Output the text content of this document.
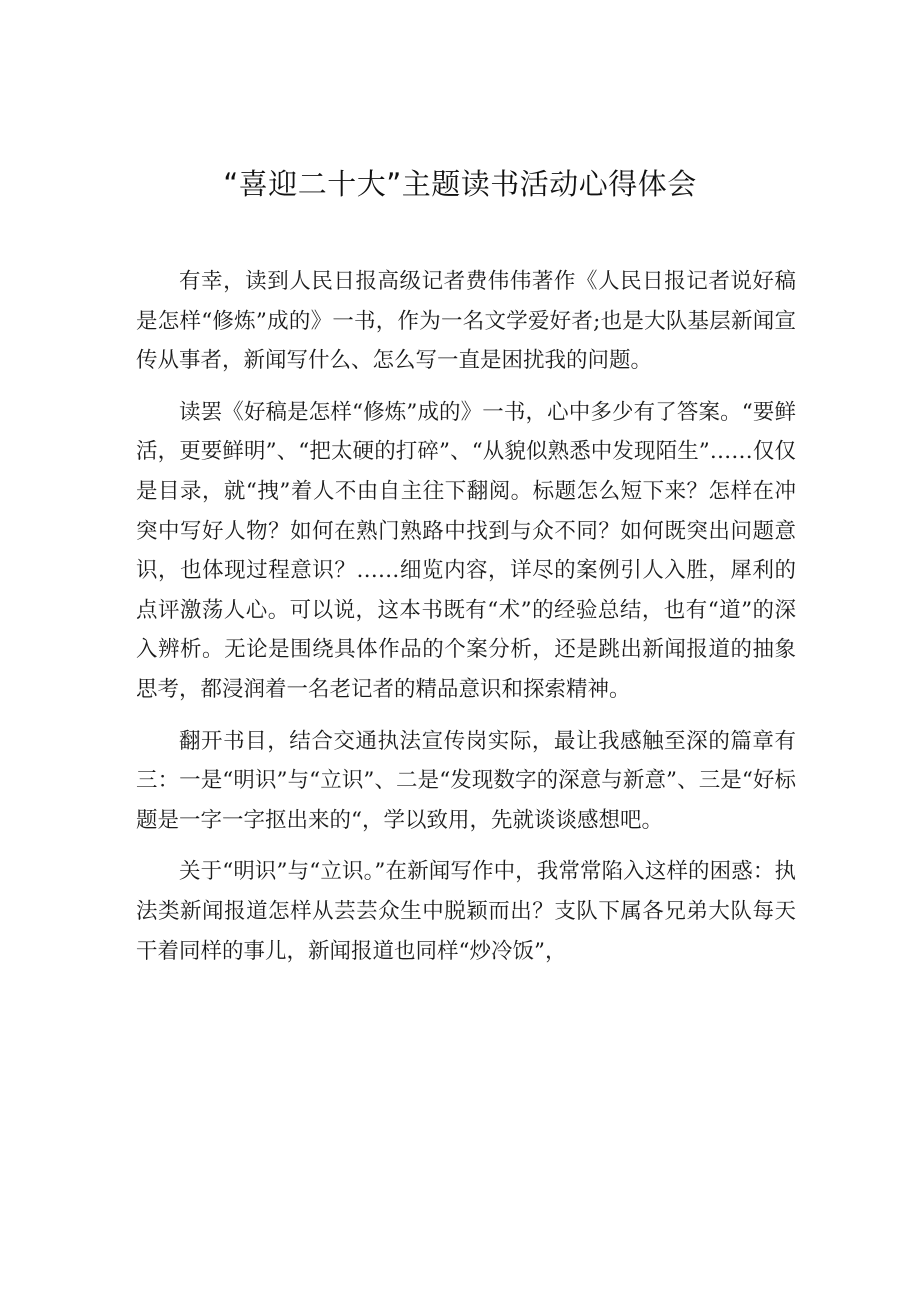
“喜迎二十大”主题读书活动心得体会

有幸，读到人民日报高级记者费伟伟著作《人民日报记者说好稿是怎样“修炼”成的》一书，作为一名文学爱好者;也是大队基层新闻宣传从事者，新闻写什么、怎么写一直是困扰我的问题。

读罢《好稿是怎样“修炼”成的》一书，心中多少有了答案。“要鲜活，更要鲜明”、“把太硬的打碎”、“从貌似熟悉中发现陌生”……仅仅是目录，就“拽”着人不由自主往下翻阅。标题怎么短下来？怎样在冲突中写好人物？如何在熟门熟路中找到与众不同？如何既突出问题意识，也体现过程意识？……细览内容，详尽的案例引人入胜，犀利的点评激荡人心。可以说，这本书既有“术”的经验总结，也有“道”的深入辨析。无论是围绕具体作品的个案分析，还是跳出新闻报道的抽象思考，都浸润着一名老记者的精品意识和探索精神。

翻开书目，结合交通执法宣传岗实际，最让我感触至深的篇章有三：一是“明识”与“立识”、二是“发现数字的深意与新意”、三是“好标题是一字一字抠出来的“，学以致用，先就谈谈感想吧。

关于“明识”与“立识。”在新闻写作中，我常常陷入这样的困惑：执法类新闻报道怎样从芸芸众生中脱颖而出？支队下属各兄弟大队每天干着同样的事儿，新闻报道也同样“炒冷饭”，
